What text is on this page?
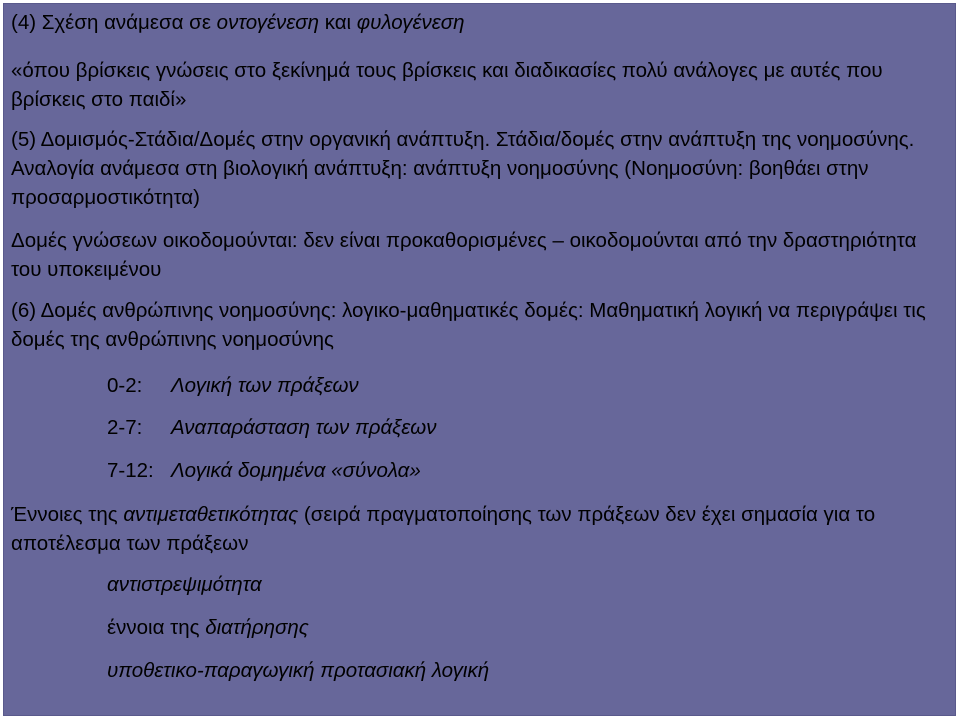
(4) Σχέση ανάμεσα σε οντογένεση και φυλογένεση

«όπου βρίσκεις γνώσεις στο ξεκίνημά τους βρίσκεις και διαδικασίες πολύ ανάλογες με αυτές που βρίσκεις στο παιδί»

(5) Δομισμός-Στάδια/Δομές στην οργανική ανάπτυξη. Στάδια/δομές στην ανάπτυξη της νοημοσύνης. Αναλογία ανάμεσα στη βιολογική ανάπτυξη: ανάπτυξη νοημοσύνης (Νοημοσύνη: βοηθάει στην προσαρμοστικότητα)

Δομές γνώσεων οικοδομούνται: δεν είναι προκαθορισμένες – οικοδομούνται από την δραστηριότητα του υποκειμένου

(6) Δομές ανθρώπινης νοημοσύνης: λογικο-μαθηματικές δομές: Μαθηματική λογική να περιγράψει τις δομές της ανθρώπινης νοημοσύνης

0-2: Λογική των πράξεων

2-7: Αναπαράσταση των πράξεων

7-12: Λογικά δομημένα «σύνολα»

Έννοιες της αντιμεταθετικότητας (σειρά πραγματοποίησης των πράξεων δεν έχει σημασία για το αποτέλεσμα των πράξεων

αντιστρεψιμότητα

έννοια της διατήρησης

υποθετικο-παραγωγική προτασιακή λογική
